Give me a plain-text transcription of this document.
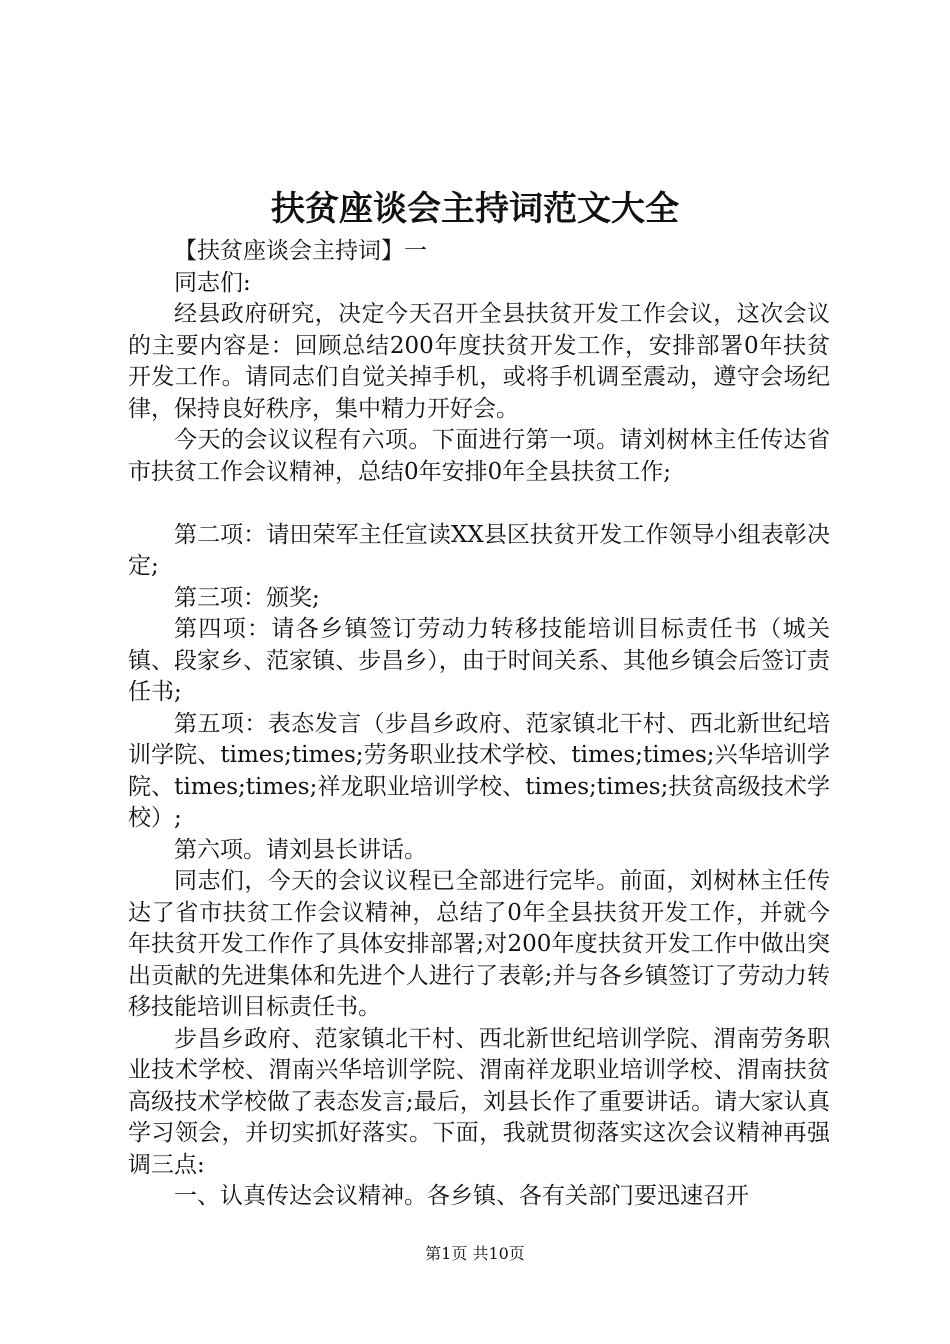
扶贫座谈会主持词范文大全

【扶贫座谈会主持词】一

同志们:

经县政府研究，决定今天召开全县扶贫开发工作会议，这次会议的主要内容是：回顾总结200年度扶贫开发工作，安排部署0年扶贫开发工作。请同志们自觉关掉手机，或将手机调至震动，遵守会场纪律，保持良好秩序，集中精力开好会。

今天的会议议程有六项。下面进行第一项。请刘树林主任传达省市扶贫工作会议精神，总结0年安排0年全县扶贫工作;

第二项：请田荣军主任宣读XX县区扶贫开发工作领导小组表彰决定;

第三项：颁奖;

第四项：请各乡镇签订劳动力转移技能培训目标责任书（城关镇、段家乡、范家镇、步昌乡），由于时间关系、其他乡镇会后签订责任书;

第五项：表态发言（步昌乡政府、范家镇北干村、西北新世纪培训学院、times;times;劳务职业技术学校、times;times;兴华培训学院、times;times;祥龙职业培训学校、times;times;扶贫高级技术学校）;

第六项。请刘县长讲话。

同志们，今天的会议议程已全部进行完毕。前面，刘树林主任传达了省市扶贫工作会议精神，总结了0年全县扶贫开发工作，并就今年扶贫开发工作作了具体安排部署;对200年度扶贫开发工作中做出突出贡献的先进集体和先进个人进行了表彰;并与各乡镇签订了劳动力转移技能培训目标责任书。

步昌乡政府、范家镇北干村、西北新世纪培训学院、渭南劳务职业技术学校、渭南兴华培训学院、渭南祥龙职业培训学校、渭南扶贫高级技术学校做了表态发言;最后，刘县长作了重要讲话。请大家认真学习领会，并切实抓好落实。下面，我就贯彻落实这次会议精神再强调三点:

一、认真传达会议精神。各乡镇、各有关部门要迅速召开

第1页 共10页
